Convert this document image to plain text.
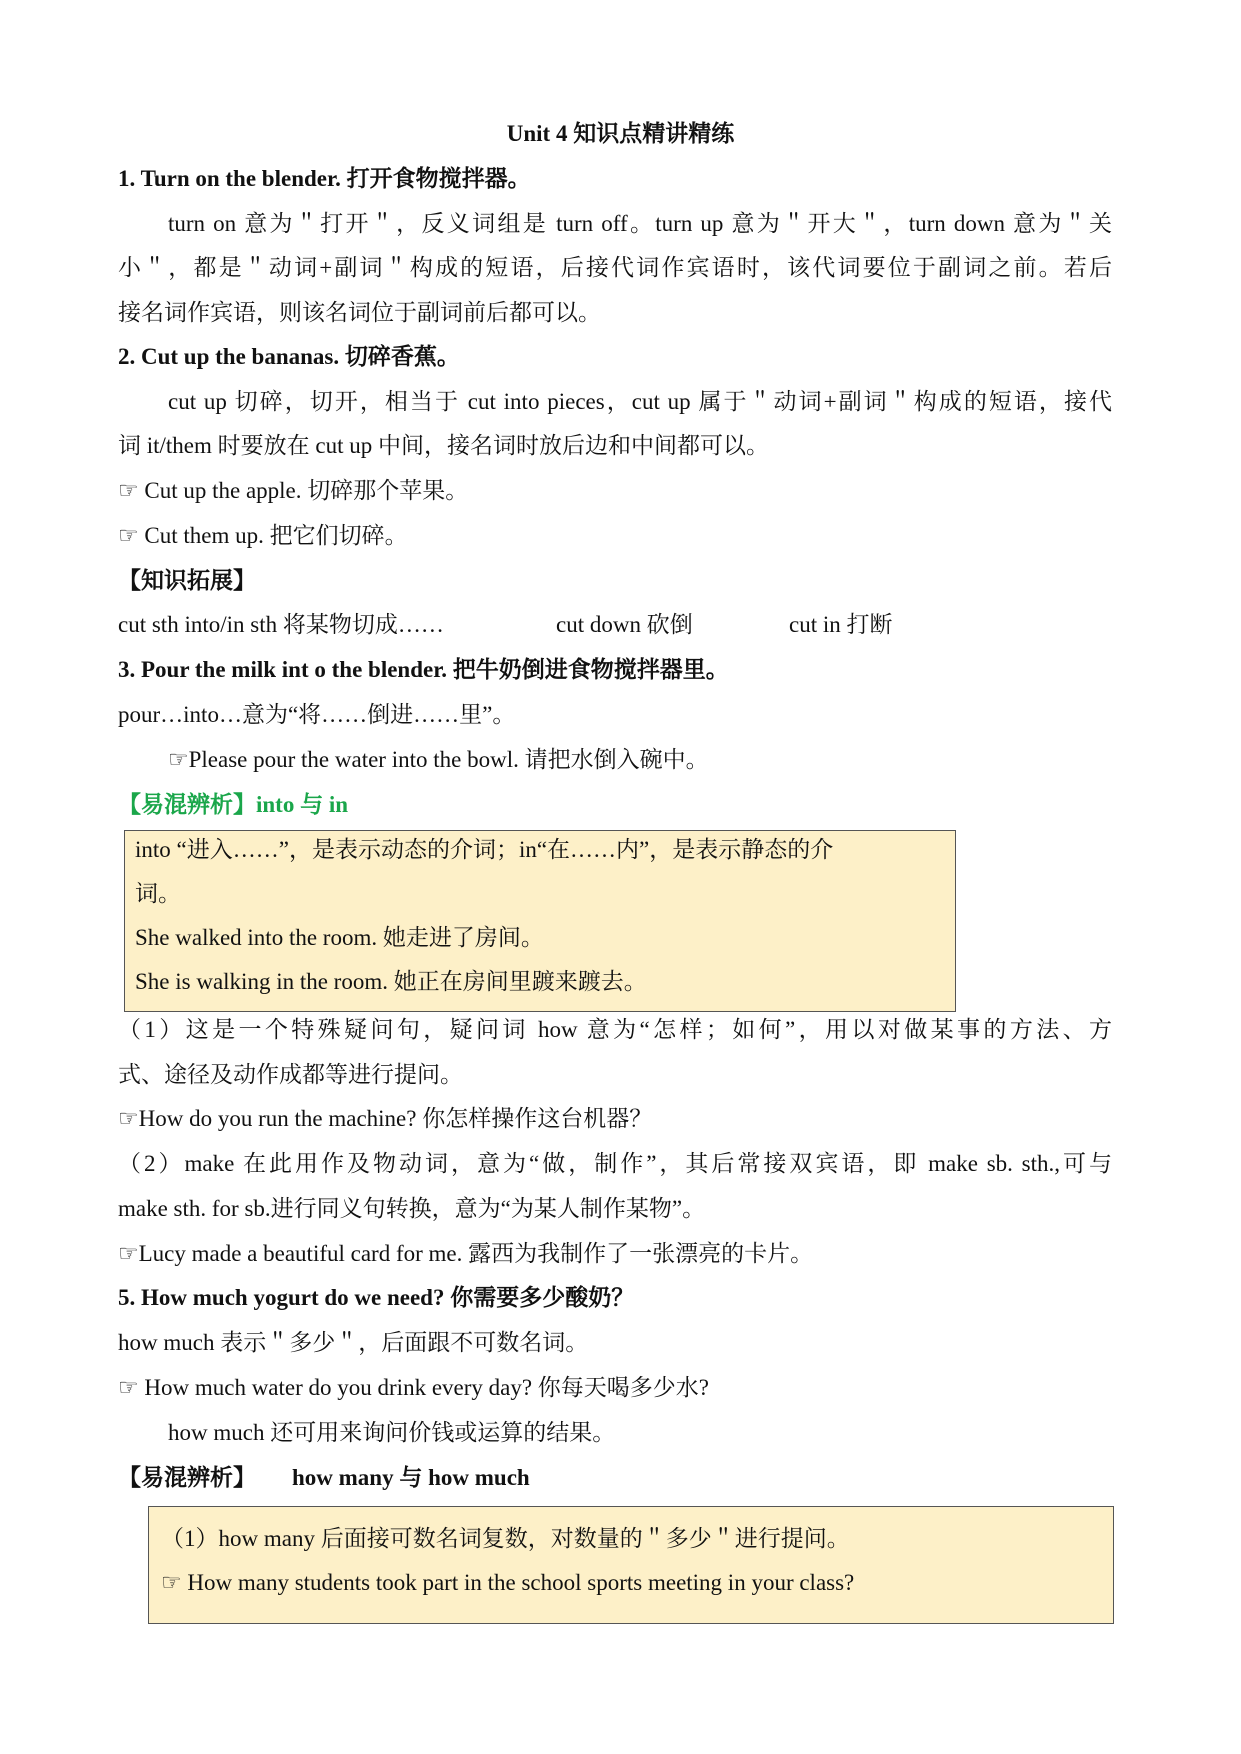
Unit 4 知识点精讲精练
1. Turn on the blender. 打开食物搅拌器。
turn on 意为＂打开＂，反义词组是 turn off。turn up 意为＂开大＂，turn down 意为＂关
小＂，都是＂动词+副词＂构成的短语，后接代词作宾语时，该代词要位于副词之前。若后
接名词作宾语，则该名词位于副词前后都可以。
2. Cut up the bananas. 切碎香蕉。
cut up 切碎，切开，相当于 cut into pieces，cut up 属于＂动词+副词＂构成的短语，接代
词 it/them 时要放在 cut up 中间，接名词时放后边和中间都可以。
☞ Cut up the apple. 切碎那个苹果。
☞ Cut them up. 把它们切碎。
【知识拓展】
cut sth into/in sth 将某物切成……	cut down 砍倒	cut in 打断
3. Pour the milk int o the blender. 把牛奶倒进食物搅拌器里。
pour…into…意为“将……倒进……里”。
☞Please pour the water into the bowl. 请把水倒入碗中。
【易混辨析】into 与 in
into “进入……”，是表示动态的介词；in“在……内”，是表示静态的介
词。
She walked into the room. 她走进了房间。
She is walking in the room. 她正在房间里踱来踱去。
（1）这是一个特殊疑问句，疑问词 how 意为“怎样；如何”，用以对做某事的方法、方
式、途径及动作成都等进行提问。
☞How do you run the machine? 你怎样操作这台机器？
（2）make 在此用作及物动词，意为“做，制作”，其后常接双宾语，即 make sb. sth.,可与
make sth. for sb.进行同义句转换，意为“为某人制作某物”。
☞Lucy made a beautiful card for me. 露西为我制作了一张漂亮的卡片。
5. How much yogurt do we need? 你需要多少酸奶？
how much 表示＂多少＂，后面跟不可数名词。
☞ How much water do you drink every day? 你每天喝多少水?
how much 还可用来询问价钱或运算的结果。
【易混辨析】 how many 与 how much
（1）how many 后面接可数名词复数，对数量的＂多少＂进行提问。
☞ How many students took part in the school sports meeting in your class?
